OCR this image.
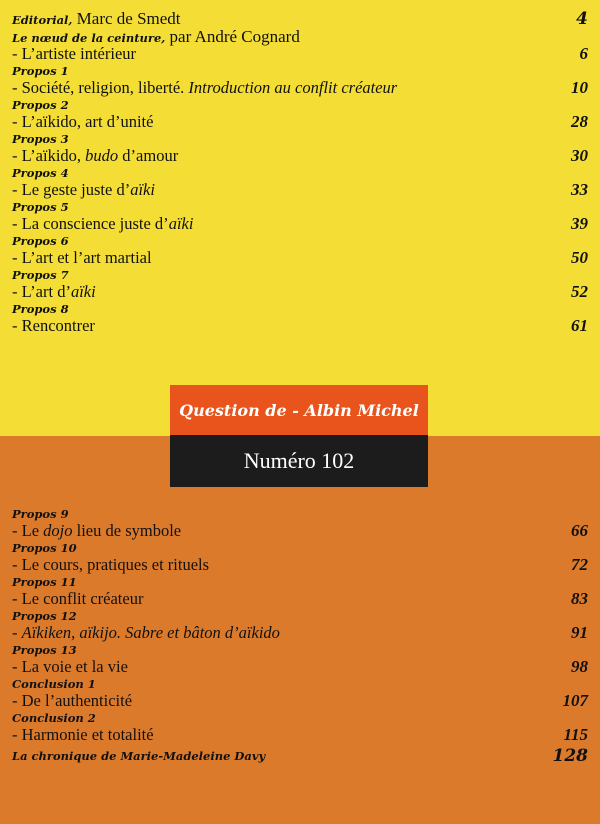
Editorial, Marc de Smedt	4
Le nœud de la ceinture, par André Cognard
- L’artiste intérieur	6
Propos 1
- Société, religion, liberté. Introduction au conflit créateur	10
Propos 2
- L’aïkido, art d’unité	28
Propos 3
- L’aïkido, budo d’amour	30
Propos 4
- Le geste juste d’aïki	33
Propos 5
- La conscience juste d’aïki	39
Propos 6
- L’art et l’art martial	50
Propos 7
- L’art d’aïki	52
Propos 8
- Rencontrer	61
Question de - Albin Michel
Numéro 102
Propos 9
- Le dojo lieu de symbole	66
Propos 10
- Le cours, pratiques et rituels	72
Propos 11
- Le conflit créateur	83
Propos 12
- Aïkiken, aïkijo. Sabre et bâton d’aïkido	91
Propos 13
- La voie et la vie	98
Conclusion 1
- De l’authenticité	107
Conclusion 2
- Harmonie et totalité	115
La chronique de Marie-Madeleine Davy	128
